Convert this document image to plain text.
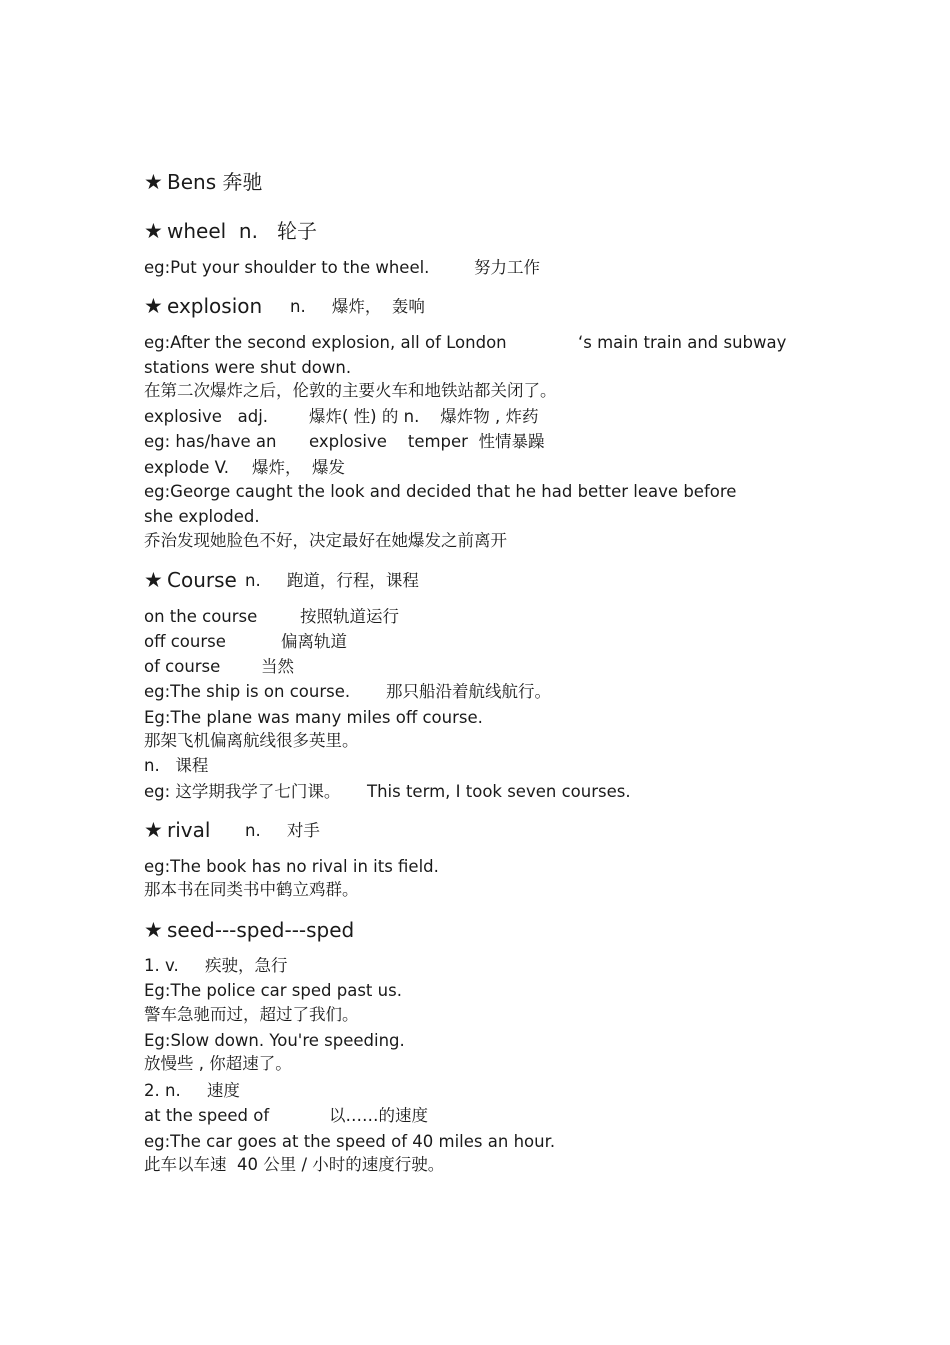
★ Bens 奔驰
★ wheel  n.   轮子
eg:Put your shoulder to the wheel.	努力工作
★ explosion n.     爆炸，  轰响
eg:After the second explosion, all of London	‘s main train and subway
stations were shut down.
在第二次爆炸之后，伦敦的主要火车和地铁站都关闭了。
explosive   adj. 爆炸( 性) 的 n.    爆炸物 , 炸药
eg: has/have an explosive    temper  性情暴躁
explode V. 爆炸，  爆发
eg:George caught the look and decided that he had better leave before
she exploded.
乔治发现她脸色不好，决定最好在她爆发之前离开
★ Course n.     跑道，行程，课程
on the course	按照轨道运行
off course	偏离轨道
of course 当然
eg:The ship is on course. 那只船沿着航线航行。
Eg:The plane was many miles off course.
那架飞机偏离航线很多英里。
n.   课程
eg: 这学期我学了七门课。 This term, I took seven courses.
★ rival n.     对手
eg:The book has no rival in its field.
那本书在同类书中鹤立鸡群。
★ seed---sped---sped
1. v.     疾驶，急行
Eg:The police car sped past us.
警车急驰而过，超过了我们。
Eg:Slow down. You're speeding.
放慢些 , 你超速了。
2. n.     速度
at the speed of	以……的速度
eg:The car goes at the speed of 40 miles an hour.
此车以车速  40 公里 / 小时的速度行驶。
